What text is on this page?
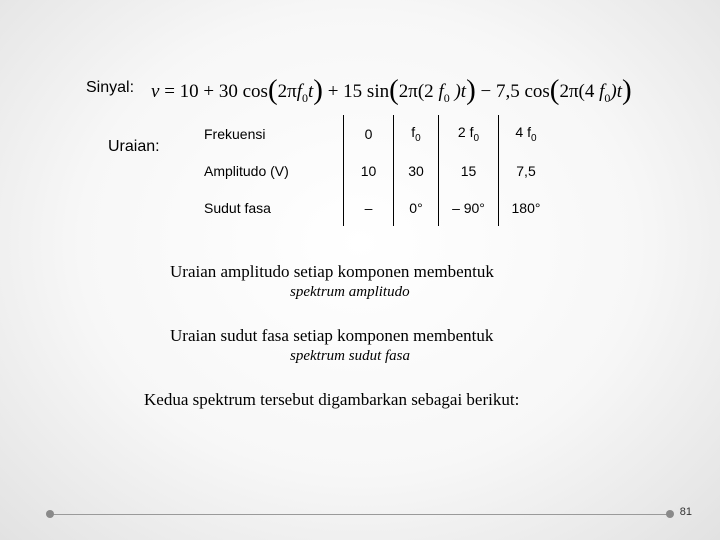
Sinyal: v = 10 + 30 $\cos(2\pi f_0t) + 15$ sin(2π(2 $f_0$ )t) − 7,5 cos(2π(4 $f_0)t$)
Uraian:
Frekuensi	0	$f_0$	2 $f_0$	4 $f_0$
Amplitudo (V)	10	30	15	7,5
Sudut fasa	–	0°	– 90°	180°
Uraian amplitudo setiap komponen membentuk
spektrum amplitudo
Uraian sudut fasa setiap komponen membentuk
spektrum sudut fasa
Kedua spektrum tersebut digambarkan sebagai berikut:
81
